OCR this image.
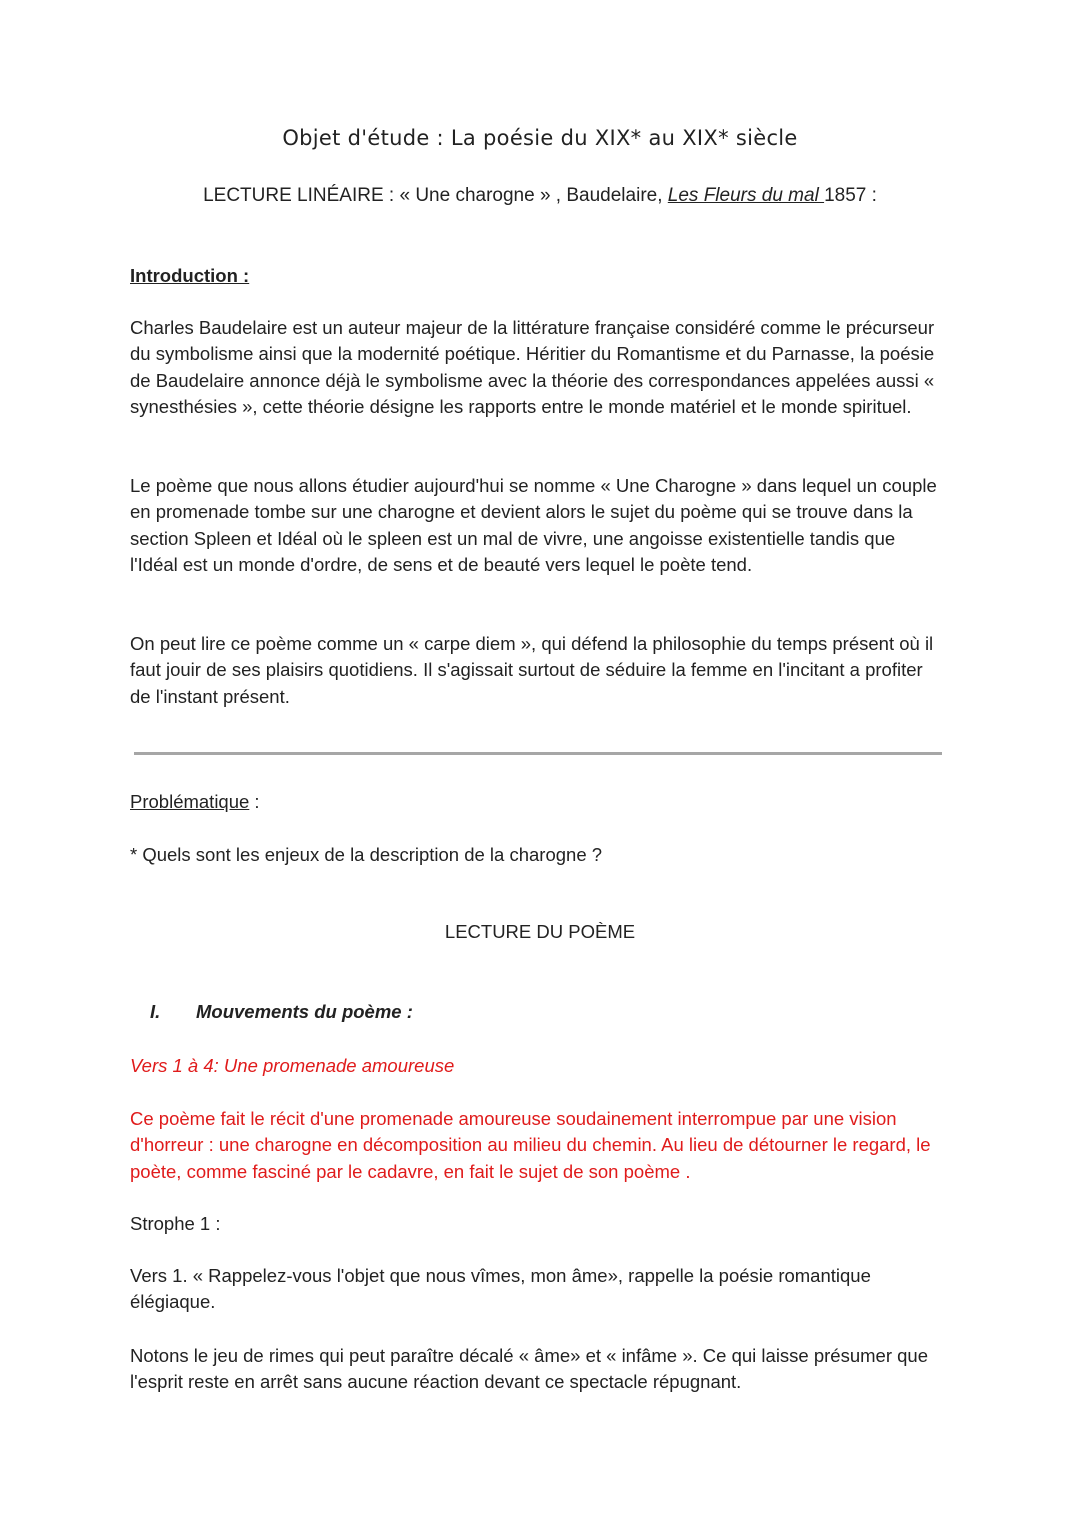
Objet d'étude : La poésie du XIX* au XIX* siècle
LECTURE LINÉAIRE : « Une charogne » , Baudelaire, Les Fleurs du mal 1857 :
Introduction :
Charles Baudelaire est un auteur majeur de la littérature française considéré comme le précurseur du symbolisme ainsi que la modernité poétique. Héritier du Romantisme et du Parnasse, la poésie de Baudelaire annonce déjà le symbolisme avec la théorie des correspondances appelées aussi « synesthésies », cette théorie désigne les rapports entre le monde matériel et le monde spirituel.
Le poème que nous allons étudier aujourd'hui se nomme « Une Charogne » dans lequel un couple en promenade tombe sur une charogne et devient alors le sujet du poème qui se trouve dans la section Spleen et Idéal où le spleen est un mal de vivre, une angoisse existentielle tandis que l'Idéal est un monde d'ordre, de sens et de beauté vers lequel le poète tend.
On peut lire ce poème comme un « carpe diem », qui défend la philosophie du temps présent où il faut jouir de ses plaisirs quotidiens. Il s'agissait surtout de séduire la femme en l'incitant a profiter de l'instant présent.
Problématique :
* Quels sont les enjeux de la description de la charogne ?
LECTURE DU POÈME
I. Mouvements du poème :
Vers 1 à 4: Une promenade amoureuse
Ce poème fait le récit d'une promenade amoureuse soudainement interrompue par une vision d'horreur : une charogne en décomposition au milieu du chemin. Au lieu de détourner le regard, le poète, comme fasciné par le cadavre, en fait le sujet de son poème .
Strophe 1 :
Vers 1. « Rappelez-vous l'objet que nous vîmes, mon âme», rappelle la poésie romantique élégiaque.
Notons le jeu de rimes qui peut paraître décalé « âme» et « infâme ». Ce qui laisse présumer que l'esprit reste en arrêt sans aucune réaction devant ce spectacle répugnant.
